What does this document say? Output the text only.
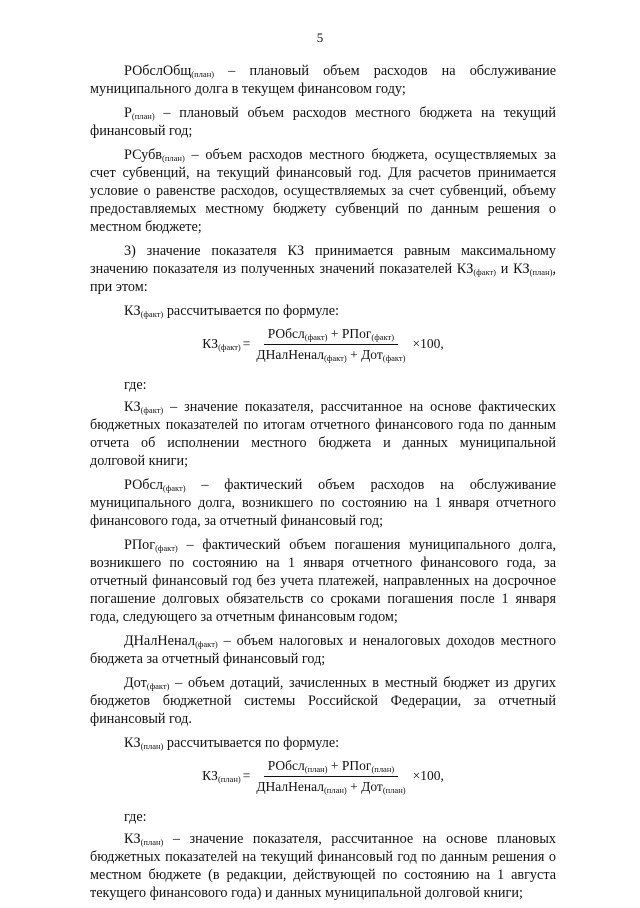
5

РОбслОбщ$_{(план)}$ – плановый объем расходов на обслуживание муниципального долга в текущем финансовом году;

$Р_{(план)}$ – плановый объем расходов местного бюджета на текущий финансовый год;

РСубв$_{(план)}$ – объем расходов местного бюджета, осуществляемых за счет субвенций, на текущий финансовый год. Для расчетов принимается условие о равенстве расходов, осуществляемых за счет субвенций, объему предоставляемых местному бюджету субвенций по данным решения о местном бюджете;

3) значение показателя КЗ принимается равным максимальному значению показателя из полученных значений показателей $КЗ_{(факт)}$ и $КЗ_{(план)}$, при этом:

$КЗ_{(факт)}$ рассчитывается по формуле:

$КЗ_{(факт)} = \frac{РОбсл_{(факт)} + РПог_{(факт)}}{ДНалНенал_{(факт)} + Дот_{(факт)}} \times 100$,

где:

$КЗ_{(факт)}$ – значение показателя, рассчитанное на основе фактических бюджетных показателей по итогам отчетного финансового года по данным отчета об исполнении местного бюджета и данных муниципальной долговой книги;

РОбсл$_{(факт)}$ – фактический объем расходов на обслуживание муниципального долга, возникшего по состоянию на 1 января отчетного финансового года, за отчетный финансовый год;

РПог$_{(факт)}$ – фактический объем погашения муниципального долга, возникшего по состоянию на 1 января отчетного финансового года, за отчетный финансовый год без учета платежей, направленных на досрочное погашение долговых обязательств со сроками погашения после 1 января года, следующего за отчетным финансовым годом;

ДНалНенал$_{(факт)}$ – объем налоговых и неналоговых доходов местного бюджета за отчетный финансовый год;

Дот$_{(факт)}$ – объем дотаций, зачисленных в местный бюджет из других бюджетов бюджетной системы Российской Федерации, за отчетный финансовый год.

$КЗ_{(план)}$ рассчитывается по формуле:

$КЗ_{(план)} = \frac{РОбсл_{(план)} + РПог_{(план)}}{ДНалНенал_{(план)} + Дот_{(план)}} \times 100$,

где:

$КЗ_{(план)}$ – значение показателя, рассчитанное на основе плановых бюджетных показателей на текущий финансовый год по данным решения о местном бюджете (в редакции, действующей по состоянию на 1 августа текущего финансового года) и данных муниципальной долговой книги;
